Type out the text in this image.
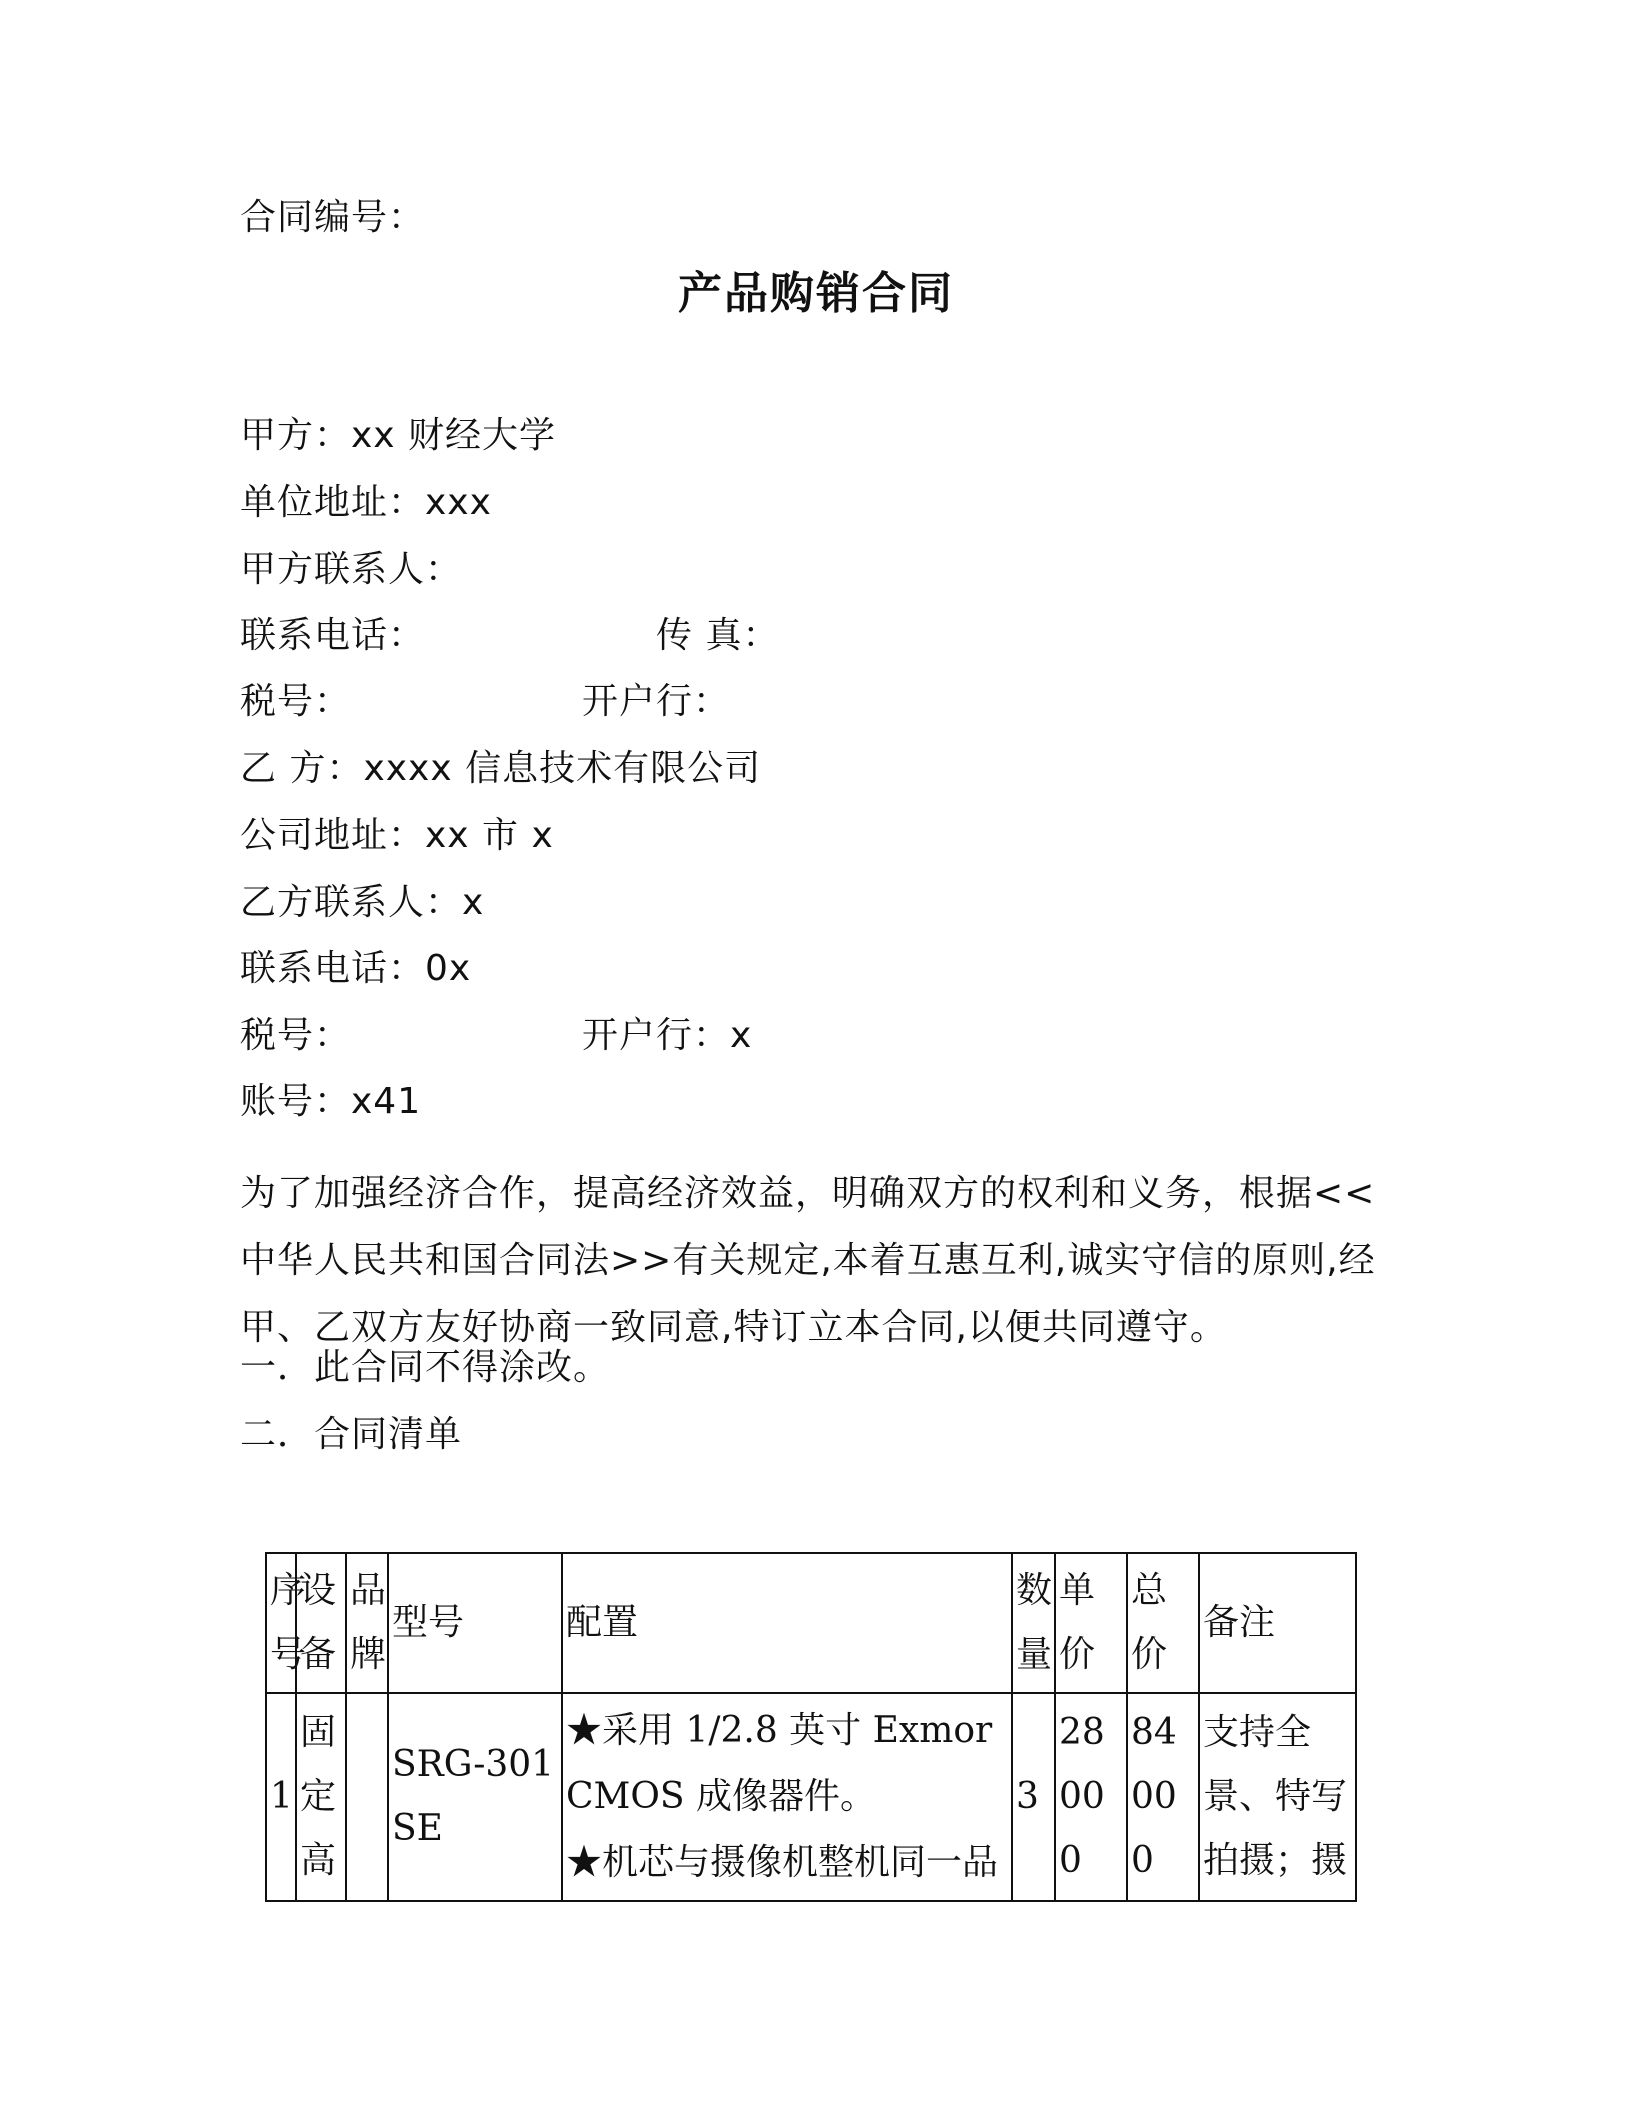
合同编号：
产品购销合同
甲方：xx 财经大学
单位地址：xxx
甲方联系人：
联系电话：	传 真：
税号：	开户行：
乙 方：xxxx 信息技术有限公司
公司地址：xx 市 x
乙方联系人：x
联系电话：0x
税号：	开户行：x
账号：x41
为了加强经济合作，提高经济效益，明确双方的权利和义务，根据<<
中华人民共和国合同法>>有关规定,本着互惠互利,诚实守信的原则,经
甲、乙双方友好协商一致同意,特订立本合同,以便共同遵守。
一．此合同不得涂改。
二．合同清单
序号	设备	品牌	型号	配置	数量	单价	总价	备注
1	固定高		SRG-301SE	★采用 1/2.8 英寸 Exmor CMOS 成像器件。
★机芯与摄像机整机同一品	3	28000	84000	支持全景、特写拍摄；摄
